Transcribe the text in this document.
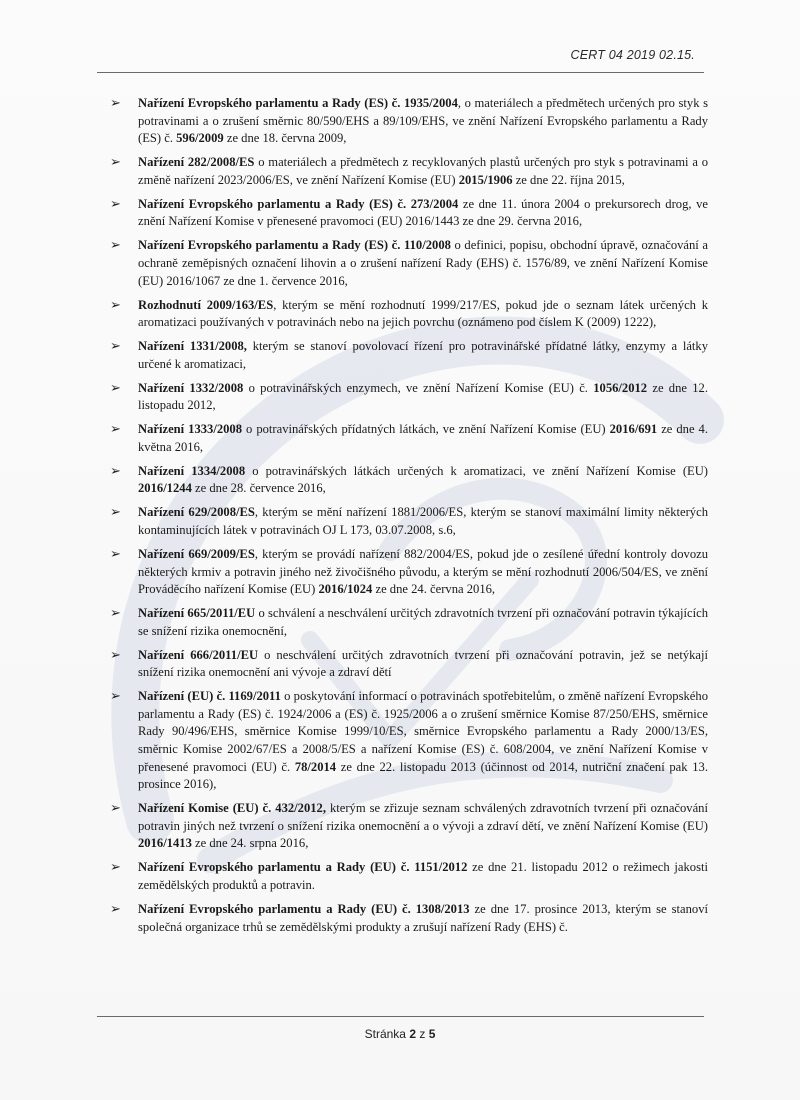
CERT 04 2019 02.15.
➢ Nařízení Evropského parlamentu a Rady (ES) č. 1935/2004, o materiálech a předmětech určených pro styk s potravinami a o zrušení směrnic 80/590/EHS a 89/109/EHS, ve znění Nařízení Evropského parlamentu a Rady (ES) č. 596/2009 ze dne 18. června 2009,
➢ Nařízení 282/2008/ES o materiálech a předmětech z recyklovaných plastů určených pro styk s potravinami a o změně nařízení 2023/2006/ES, ve znění Nařízení Komise (EU) 2015/1906 ze dne 22. října 2015,
➢ Nařízení Evropského parlamentu a Rady (ES) č. 273/2004 ze dne 11. února 2004 o prekursorech drog, ve znění Nařízení Komise v přenesené pravomoci (EU) 2016/1443 ze dne 29. června 2016,
➢ Nařízení Evropského parlamentu a Rady (ES) č. 110/2008 o definici, popisu, obchodní úpravě, označování a ochraně zeměpisných označení lihovin a o zrušení nařízení Rady (EHS) č. 1576/89, ve znění Nařízení Komise (EU) 2016/1067 ze dne 1. července 2016,
➢ Rozhodnutí 2009/163/ES, kterým se mění rozhodnutí 1999/217/ES, pokud jde o seznam látek určených k aromatizaci používaných v potravinách nebo na jejich povrchu (oznámeno pod číslem K (2009) 1222),
➢ Nařízení 1331/2008, kterým se stanoví povolovací řízení pro potravinářské přídatné látky, enzymy a látky určené k aromatizaci,
➢ Nařízení 1332/2008 o potravinářských enzymech, ve znění Nařízení Komise (EU) č. 1056/2012 ze dne 12. listopadu 2012,
➢ Nařízení 1333/2008 o potravinářských přídatných látkách, ve znění Nařízení Komise (EU) 2016/691 ze dne 4. května 2016,
➢ Nařízení 1334/2008 o potravinářských látkách určených k aromatizaci, ve znění Nařízení Komise (EU) 2016/1244 ze dne 28. července 2016,
➢ Nařízení 629/2008/ES, kterým se mění nařízení 1881/2006/ES, kterým se stanoví maximální limity některých kontaminujících látek v potravinách OJ L 173, 03.07.2008, s.6,
➢ Nařízení 669/2009/ES, kterým se provádí nařízení 882/2004/ES, pokud jde o zesílené úřední kontroly dovozu některých krmiv a potravin jiného než živočišného původu, a kterým se mění rozhodnutí 2006/504/ES, ve znění Prováděcího nařízení Komise (EU) 2016/1024 ze dne 24. června 2016,
➢ Nařízení 665/2011/EU o schválení a neschválení určitých zdravotních tvrzení při označování potravin týkajících se snížení rizika onemocnění,
➢ Nařízení 666/2011/EU o neschválení určitých zdravotních tvrzení při označování potravin, jež se netýkají snížení rizika onemocnění ani vývoje a zdraví dětí
➢ Nařízení (EU) č. 1169/2011 o poskytování informací o potravinách spotřebitelům, o změně nařízení Evropského parlamentu a Rady (ES) č. 1924/2006 a (ES) č. 1925/2006 a o zrušení směrnice Komise 87/250/EHS, směrnice Rady 90/496/EHS, směrnice Komise 1999/10/ES, směrnice Evropského parlamentu a Rady 2000/13/ES, směrnic Komise 2002/67/ES a 2008/5/ES a nařízení Komise (ES) č. 608/2004, ve znění Nařízení Komise v přenesené pravomoci (EU) č. 78/2014 ze dne 22. listopadu 2013 (účinnost od 2014, nutriční značení pak 13. prosince 2016),
➢ Nařízení Komise (EU) č. 432/2012, kterým se zřizuje seznam schválených zdravotních tvrzení při označování potravin jiných než tvrzení o snížení rizika onemocnění a o vývoji a zdraví dětí, ve znění Nařízení Komise (EU) 2016/1413 ze dne 24. srpna 2016,
➢ Nařízení Evropského parlamentu a Rady (EU) č. 1151/2012 ze dne 21. listopadu 2012 o režimech jakosti zemědělských produktů a potravin.
➢ Nařízení Evropského parlamentu a Rady (EU) č. 1308/2013 ze dne 17. prosince 2013, kterým se stanoví společná organizace trhů se zemědělskými produkty a zrušují nařízení Rady (EHS) č.
Stránka 2 z 5
